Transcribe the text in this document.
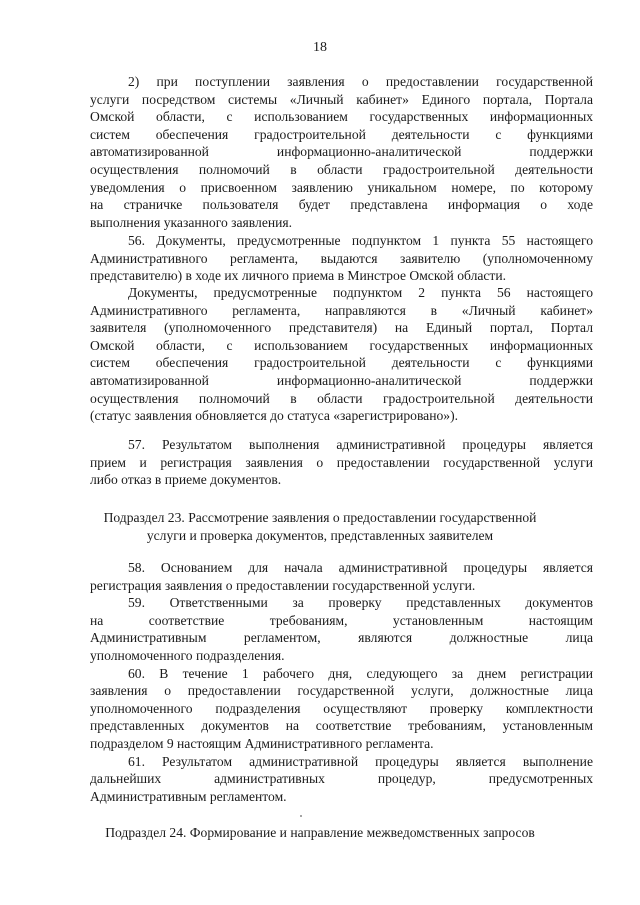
18
2) при поступлении заявления о предоставлении государственной
услуги посредством системы «Личный кабинет» Единого портала, Портала
Омской области, с использованием государственных информационных
систем обеспечения градостроительной деятельности с функциями
автоматизированной информационно-аналитической поддержки
осуществления полномочий в области градостроительной деятельности
уведомления о присвоенном заявлению уникальном номере, по которому
на страничке пользователя будет представлена информация о ходе
выполнения указанного заявления.
56. Документы, предусмотренные подпунктом 1 пункта 55 настоящего
Административного регламента, выдаются заявителю (уполномоченному
представителю) в ходе их личного приема в Минстрое Омской области.
Документы, предусмотренные подпунктом 2 пункта 56 настоящего
Административного регламента, направляются в «Личный кабинет»
заявителя (уполномоченного представителя) на Единый портал, Портал
Омской области, с использованием государственных информационных
систем обеспечения градостроительной деятельности с функциями
автоматизированной информационно-аналитической поддержки
осуществления полномочий в области градостроительной деятельности
(статус заявления обновляется до статуса «зарегистрировано»).
57. Результатом выполнения административной процедуры является
прием и регистрация заявления о предоставлении государственной услуги
либо отказ в приеме документов.
Подраздел 23. Рассмотрение заявления о предоставлении государственной
услуги и проверка документов, представленных заявителем
58. Основанием для начала административной процедуры является
регистрация заявления о предоставлении государственной услуги.
59. Ответственными за проверку представленных документов
на соответствие требованиям, установленным настоящим
Административным регламентом, являются должностные лица
уполномоченного подразделения.
60. В течение 1 рабочего дня, следующего за днем регистрации
заявления о предоставлении государственной услуги, должностные лица
уполномоченного подразделения осуществляют проверку комплектности
представленных документов на соответствие требованиям, установленным
подразделом 9 настоящим Административного регламента.
61. Результатом административной процедуры является выполнение
дальнейших административных процедур, предусмотренных
Административным регламентом.
Подраздел 24. Формирование и направление межведомственных запросов
